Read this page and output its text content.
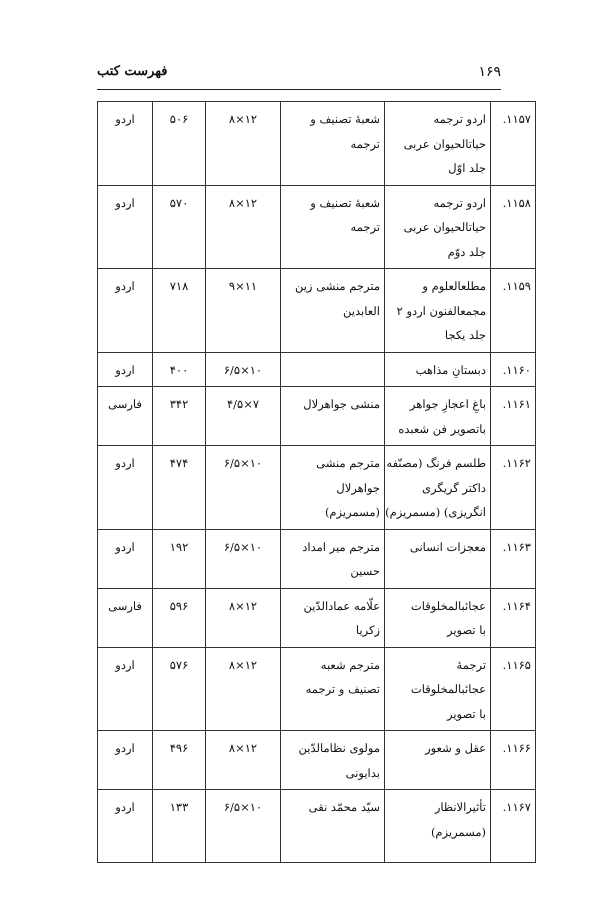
۱۶۹
فهرست کتب
۱۱۵۷.	اردو ترجمه
حیاتالحیوان عربی
جلد اوّل	شعبهٔ تصنیف و
ترجمه	۱۲×۸	۵۰۶	اردو
۱۱۵۸.	اردو ترجمه
حیاتالحیوان عربی
جلد دوّم	شعبهٔ تصنیف و
ترجمه	۱۲×۸	۵۷۰	اردو
۱۱۵۹.	مطلعالعلوم و
مجمعالفنون اردو ۲
جلد یکجا	مترجم منشی زین
العابدین	۱۱×۹	۷۱۸	اردو
۱۱۶۰.	دبستانِ مذاهب		۱۰×۶/۵	۴۰۰	اردو
۱۱۶۱.	باغِ اعجازِ جواهر
باتصویر فن شعبده	منشی جواهرلال	۷×۴/۵	۳۴۲	فارسی
۱۱۶۲.	طلسم فرنگ (مصنّفه
داکتر گریگری
انگریزی) (مسمریزم)	مترجم منشی
جواهرلال
(مسمریزم)	۱۰×۶/۵	۴۷۴	اردو
۱۱۶۳.	معجزات انسانی	مترجم میر امداد
حسین	۱۰×۶/۵	۱۹۲	اردو
۱۱۶۴.	عجائبالمخلوقات
با تصویر	علّامه عمادالدّین
زکریا	۱۲×۸	۵۹۶	فارسی
۱۱۶۵.	ترجمهٔ
عجائبالمخلوقات
با تصویر	مترجم شعبه
تصنیف و ترجمه	۱۲×۸	۵۷۶	اردو
۱۱۶۶.	عقل و شعور	مولوی نظامالدّین
بدایونی	۱۲×۸	۴۹۶	اردو
۱۱۶۷.	تأثیرالانظار
(مسمریزم)	سیّد محمّد نقی	۱۰×۶/۵	۱۳۳	اردو
